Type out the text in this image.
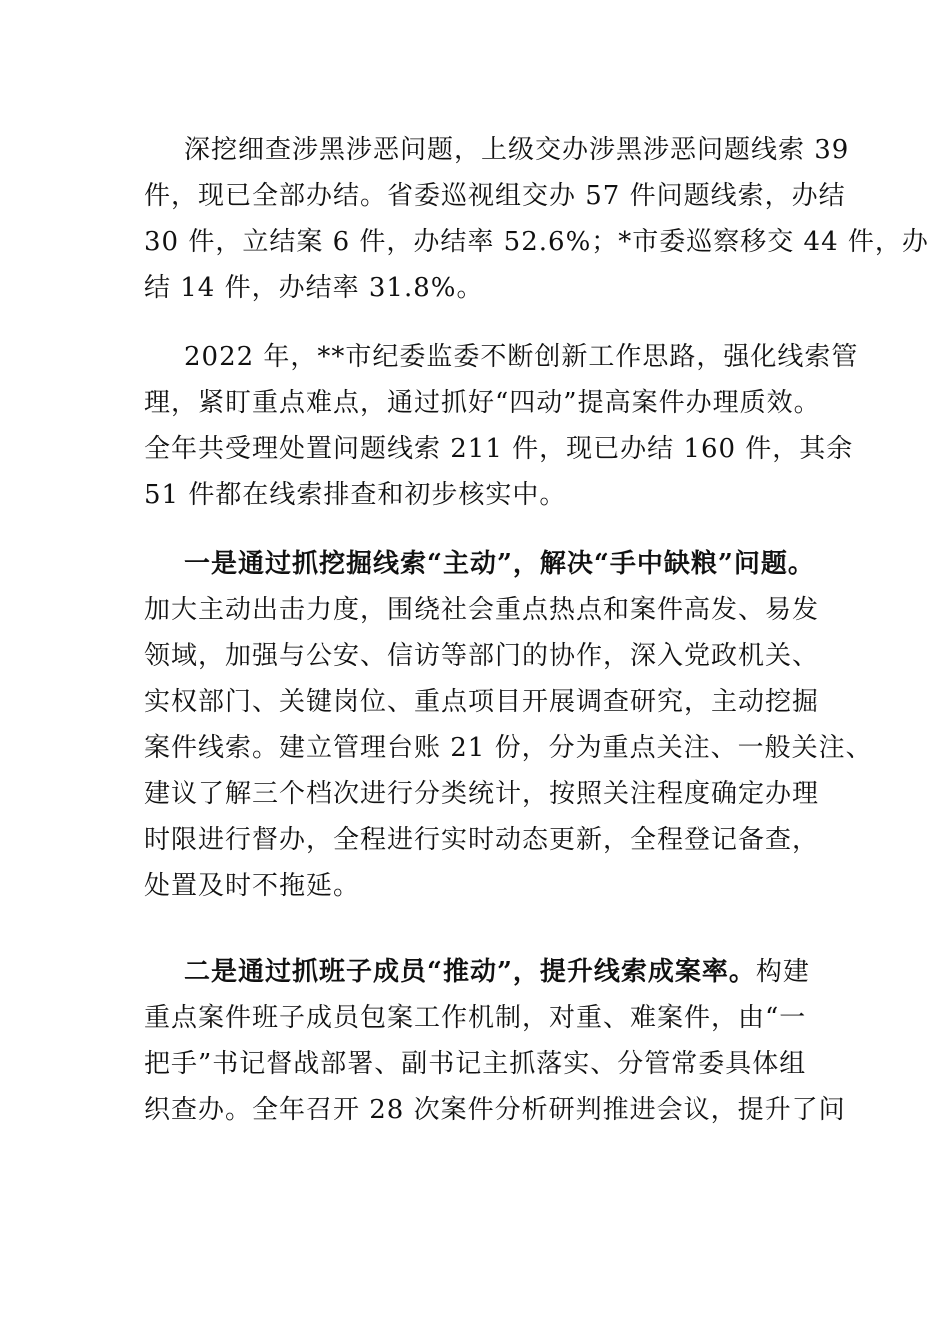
深挖细查涉黑涉恶问题，上级交办涉黑涉恶问题线索 39
件，现已全部办结。省委巡视组交办 57 件问题线索，办结
30 件，立结案 6 件，办结率 52.6%；*市委巡察移交 44 件，办
结 14 件，办结率 31.8%。
2022 年，**市纪委监委不断创新工作思路，强化线索管
理，紧盯重点难点，通过抓好“四动”提高案件办理质效。
全年共受理处置问题线索 211 件，现已办结 160 件，其余
51 件都在线索排查和初步核实中。
一是通过抓挖掘线索“主动”，解决“手中缺粮”问题。
加大主动出击力度，围绕社会重点热点和案件高发、易发
领域，加强与公安、信访等部门的协作，深入党政机关、
实权部门、关键岗位、重点项目开展调查研究，主动挖掘
案件线索。建立管理台账 21 份，分为重点关注、一般关注、
建议了解三个档次进行分类统计，按照关注程度确定办理
时限进行督办，全程进行实时动态更新，全程登记备查，
处置及时不拖延。
二是通过抓班子成员“推动”，提升线索成案率。构建
重点案件班子成员包案工作机制，对重、难案件，由“一
把手”书记督战部署、副书记主抓落实、分管常委具体组
织查办。全年召开 28 次案件分析研判推进会议，提升了问
